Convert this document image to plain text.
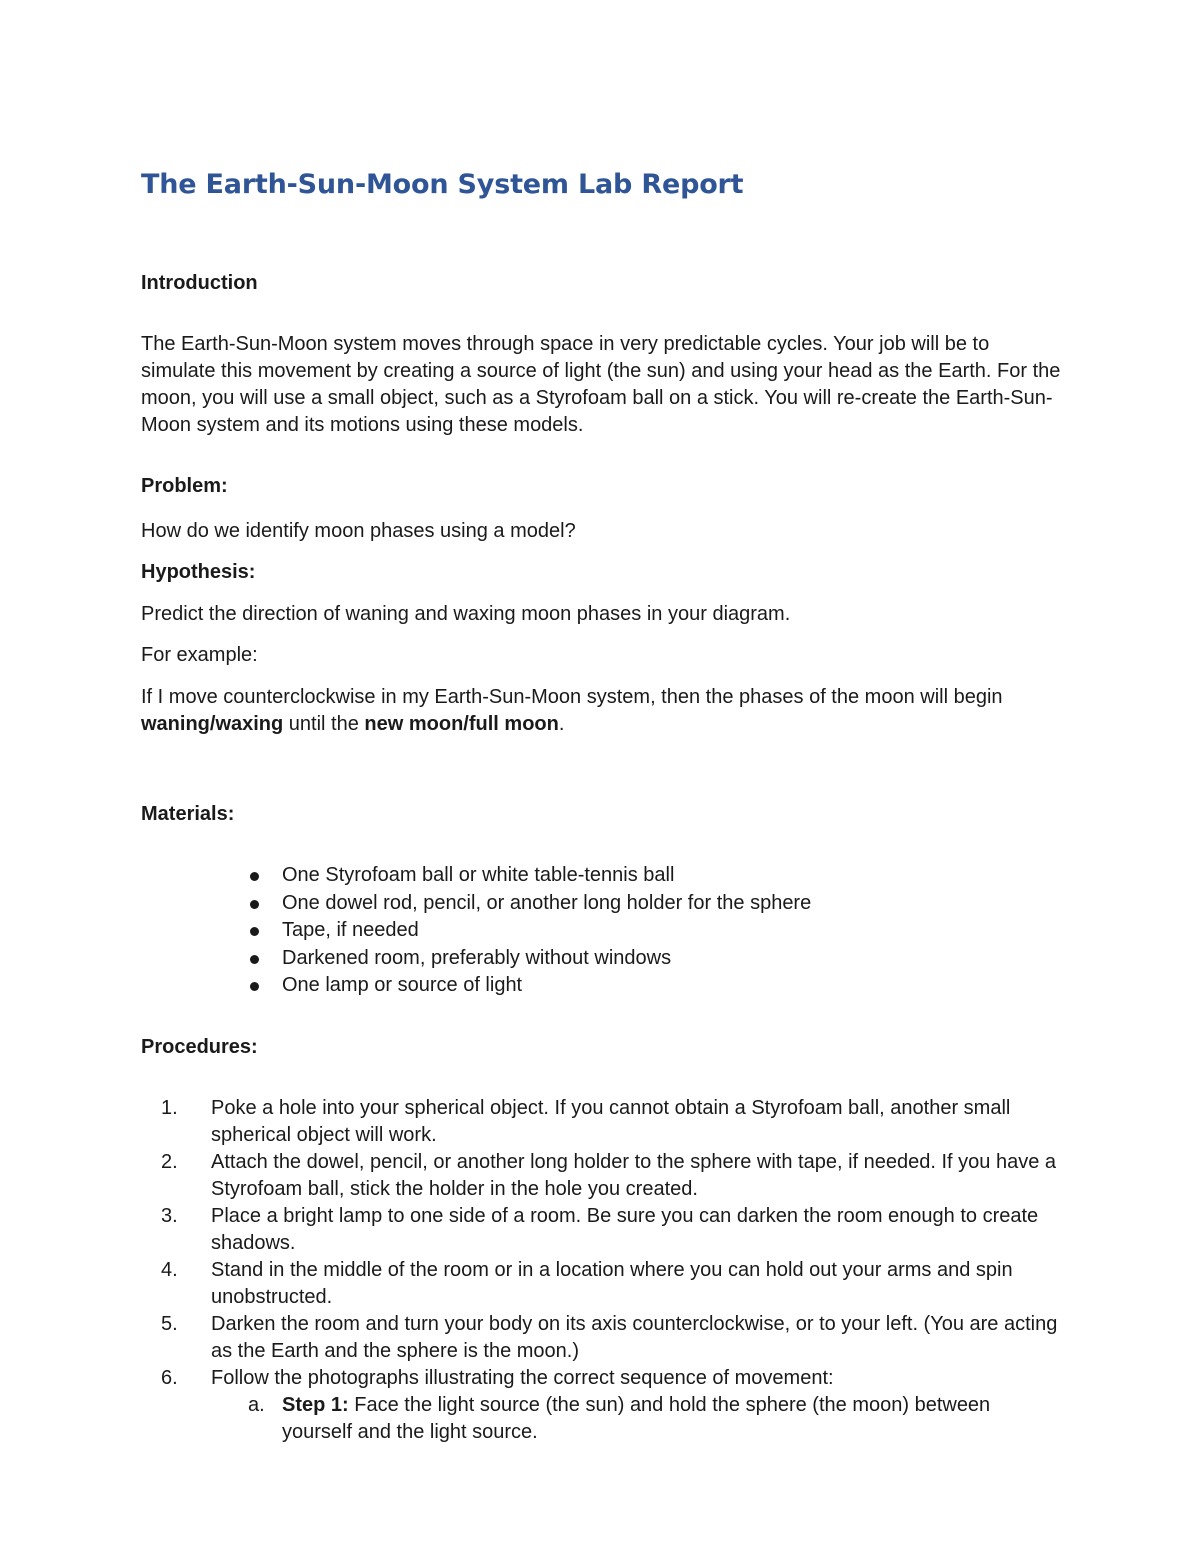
The Earth-Sun-Moon System Lab Report

Introduction

The Earth-Sun-Moon system moves through space in very predictable cycles. Your job will be to simulate this movement by creating a source of light (the sun) and using your head as the Earth. For the moon, you will use a small object, such as a Styrofoam ball on a stick. You will re-create the Earth-Sun-Moon system and its motions using these models.

Problem:

How do we identify moon phases using a model?

Hypothesis:

Predict the direction of waning and waxing moon phases in your diagram.

For example:

If I move counterclockwise in my Earth-Sun-Moon system, then the phases of the moon will begin waning/waxing until the new moon/full moon.

Materials:

One Styrofoam ball or white table-tennis ball
One dowel rod, pencil, or another long holder for the sphere
Tape, if needed
Darkened room, preferably without windows
One lamp or source of light

Procedures:

1. Poke a hole into your spherical object. If you cannot obtain a Styrofoam ball, another small spherical object will work.
2. Attach the dowel, pencil, or another long holder to the sphere with tape, if needed. If you have a Styrofoam ball, stick the holder in the hole you created.
3. Place a bright lamp to one side of a room. Be sure you can darken the room enough to create shadows.
4. Stand in the middle of the room or in a location where you can hold out your arms and spin unobstructed.
5. Darken the room and turn your body on its axis counterclockwise, or to your left. (You are acting as the Earth and the sphere is the moon.)
6. Follow the photographs illustrating the correct sequence of movement:
a. Step 1: Face the light source (the sun) and hold the sphere (the moon) between yourself and the light source.
